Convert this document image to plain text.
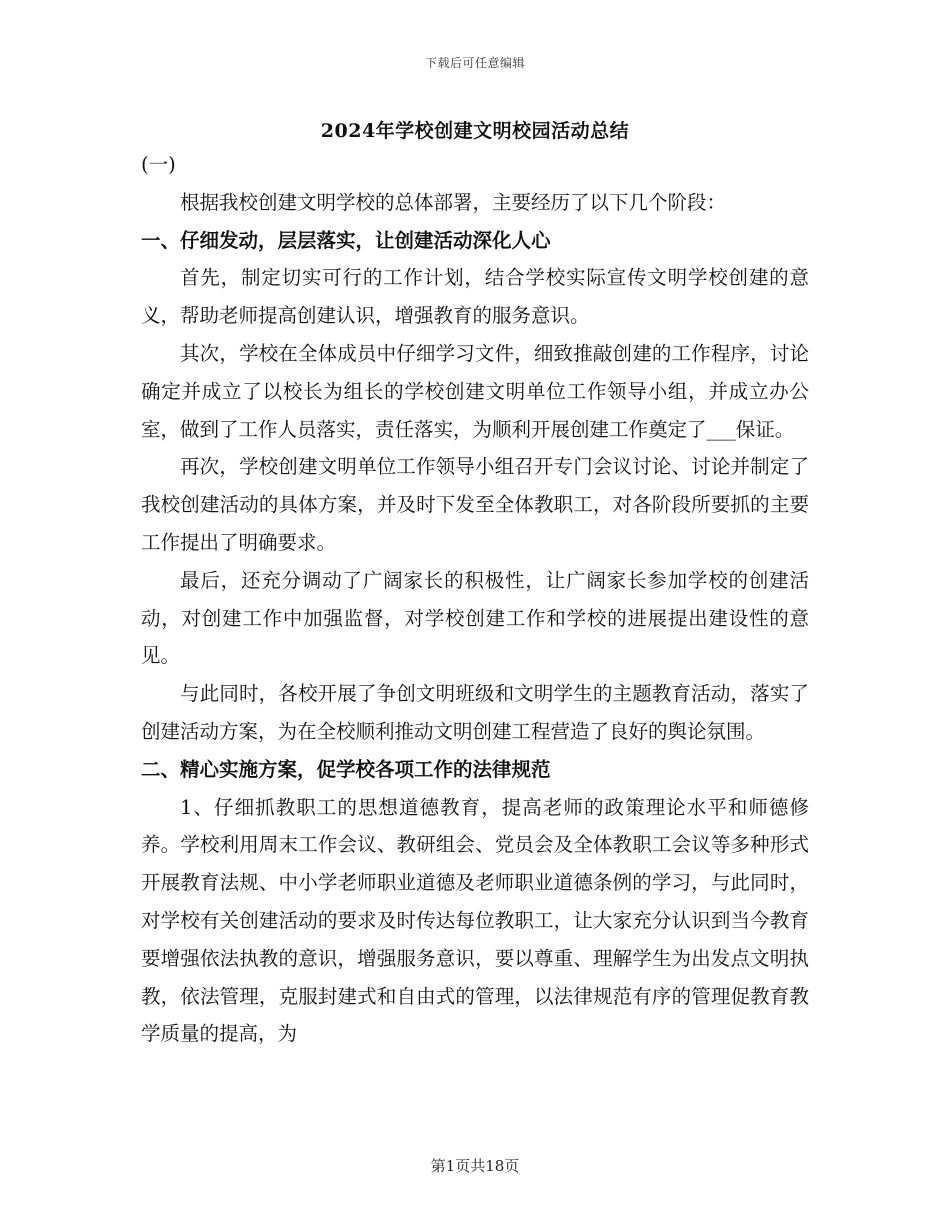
下载后可任意编辑
2024年学校创建文明校园活动总结

(一)

根据我校创建文明学校的总体部署，主要经历了以下几个阶段：

一、仔细发动，层层落实，让创建活动深化人心

首先，制定切实可行的工作计划，结合学校实际宣传文明学校创建的意义，帮助老师提高创建认识，增强教育的服务意识。

其次，学校在全体成员中仔细学习文件，细致推敲创建的工作程序，讨论确定并成立了以校长为组长的学校创建文明单位工作领导小组，并成立办公室，做到了工作人员落实，责任落实，为顺利开展创建工作奠定了___保证。

再次，学校创建文明单位工作领导小组召开专门会议讨论、讨论并制定了我校创建活动的具体方案，并及时下发至全体教职工，对各阶段所要抓的主要工作提出了明确要求。

最后，还充分调动了广阔家长的积极性，让广阔家长参加学校的创建活动，对创建工作中加强监督，对学校创建工作和学校的进展提出建设性的意见。

与此同时，各校开展了争创文明班级和文明学生的主题教育活动，落实了创建活动方案，为在全校顺利推动文明创建工程营造了良好的舆论氛围。

二、精心实施方案，促学校各项工作的法律规范

1、仔细抓教职工的思想道德教育，提高老师的政策理论水平和师德修养。学校利用周末工作会议、教研组会、党员会及全体教职工会议等多种形式开展教育法规、中小学老师职业道德及老师职业道德条例的学习，与此同时，对学校有关创建活动的要求及时传达每位教职工，让大家充分认识到当今教育要增强依法执教的意识，增强服务意识，要以尊重、理解学生为出发点文明执教，依法管理，克服封建式和自由式的管理，以法律规范有序的管理促教育教学质量的提高，为

第1页共18页
